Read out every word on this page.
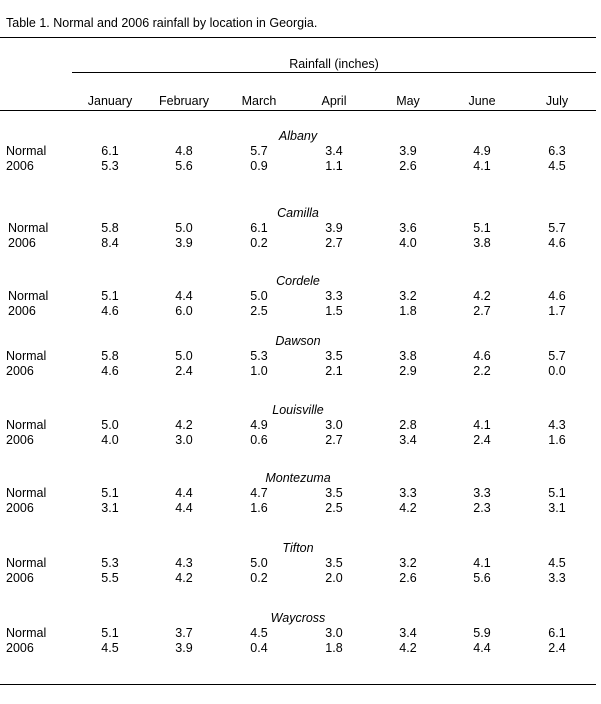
Table 1. Normal and 2006 rainfall by location in Georgia.
Rainfall (inches)
January	February	March	April	May	June	July
Albany
Normal	6.1	4.8	5.7	3.4	3.9	4.9	6.3
2006	5.3	5.6	0.9	1.1	2.6	4.1	4.5
Camilla
Normal	5.8	5.0	6.1	3.9	3.6	5.1	5.7
2006	8.4	3.9	0.2	2.7	4.0	3.8	4.6
Cordele
Normal	5.1	4.4	5.0	3.3	3.2	4.2	4.6
2006	4.6	6.0	2.5	1.5	1.8	2.7	1.7
Dawson
Normal	5.8	5.0	5.3	3.5	3.8	4.6	5.7
2006	4.6	2.4	1.0	2.1	2.9	2.2	0.0
Louisville
Normal	5.0	4.2	4.9	3.0	2.8	4.1	4.3
2006	4.0	3.0	0.6	2.7	3.4	2.4	1.6
Montezuma
Normal	5.1	4.4	4.7	3.5	3.3	3.3	5.1
2006	3.1	4.4	1.6	2.5	4.2	2.3	3.1
Tifton
Normal	5.3	4.3	5.0	3.5	3.2	4.1	4.5
2006	5.5	4.2	0.2	2.0	2.6	5.6	3.3
Waycross
Normal	5.1	3.7	4.5	3.0	3.4	5.9	6.1
2006	4.5	3.9	0.4	1.8	4.2	4.4	2.4
